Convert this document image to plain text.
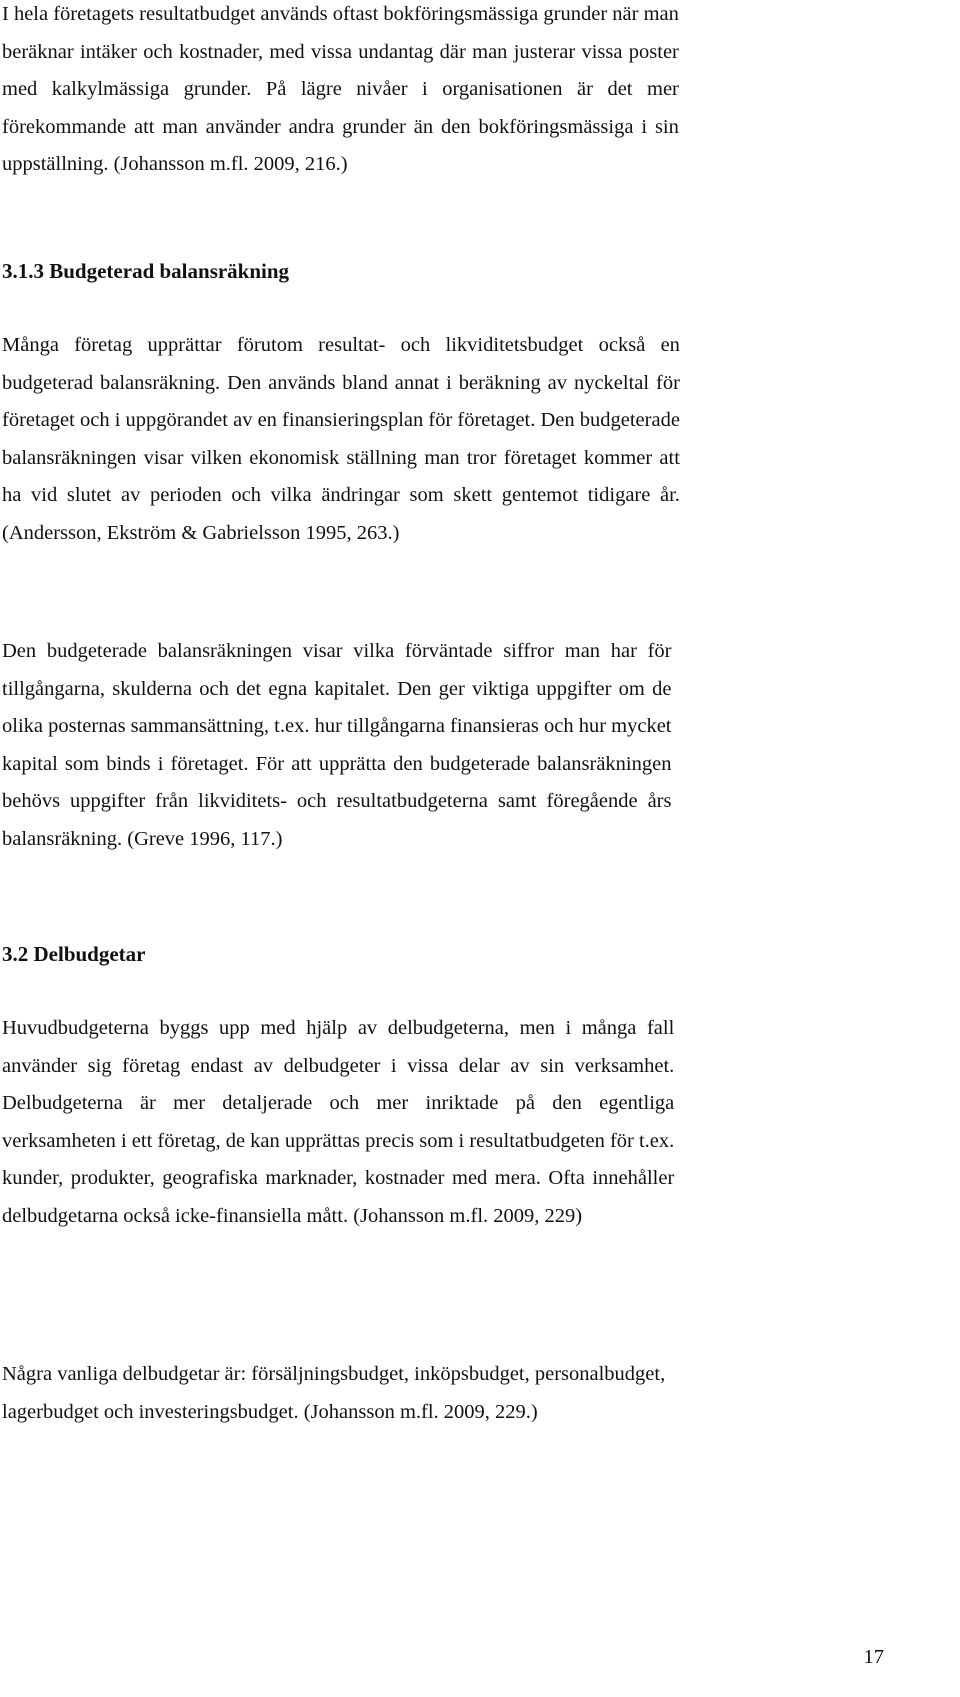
I hela företagets resultatbudget används oftast bokföringsmässiga grunder när man
beräknar intäker och kostnader, med vissa undantag där man justerar vissa poster
med kalkylmässiga grunder. På lägre nivåer i organisationen är det mer
förekommande att man använder andra grunder än den bokföringsmässiga i sin
uppställning. (Johansson m.fl. 2009, 216.)

3.1.3 Budgeterad balansräkning

Många företag upprättar förutom resultat- och likviditetsbudget också en
budgeterad balansräkning. Den används bland annat i beräkning av nyckeltal för
företaget och i uppgörandet av en finansieringsplan för företaget. Den budgeterade
balansräkningen visar vilken ekonomisk ställning man tror företaget kommer att
ha vid slutet av perioden och vilka ändringar som skett gentemot tidigare år.
(Andersson, Ekström & Gabrielsson 1995, 263.)

Den budgeterade balansräkningen visar vilka förväntade siffror man har för
tillgångarna, skulderna och det egna kapitalet. Den ger viktiga uppgifter om de
olika posternas sammansättning, t.ex. hur tillgångarna finansieras och hur mycket
kapital som binds i företaget. För att upprätta den budgeterade balansräkningen
behövs uppgifter från likviditets- och resultatbudgeterna samt föregående års
balansräkning. (Greve 1996, 117.)

3.2 Delbudgetar

Huvudbudgeterna byggs upp med hjälp av delbudgeterna, men i många fall
använder sig företag endast av delbudgeter i vissa delar av sin verksamhet.
Delbudgeterna är mer detaljerade och mer inriktade på den egentliga
verksamheten i ett företag, de kan upprättas precis som i resultatbudgeten för t.ex.
kunder, produkter, geografiska marknader, kostnader med mera. Ofta innehåller
delbudgetarna också icke-finansiella mått. (Johansson m.fl. 2009, 229)

Några vanliga delbudgetar är: försäljningsbudget, inköpsbudget, personalbudget,
lagerbudget och investeringsbudget. (Johansson m.fl. 2009, 229.)

17
